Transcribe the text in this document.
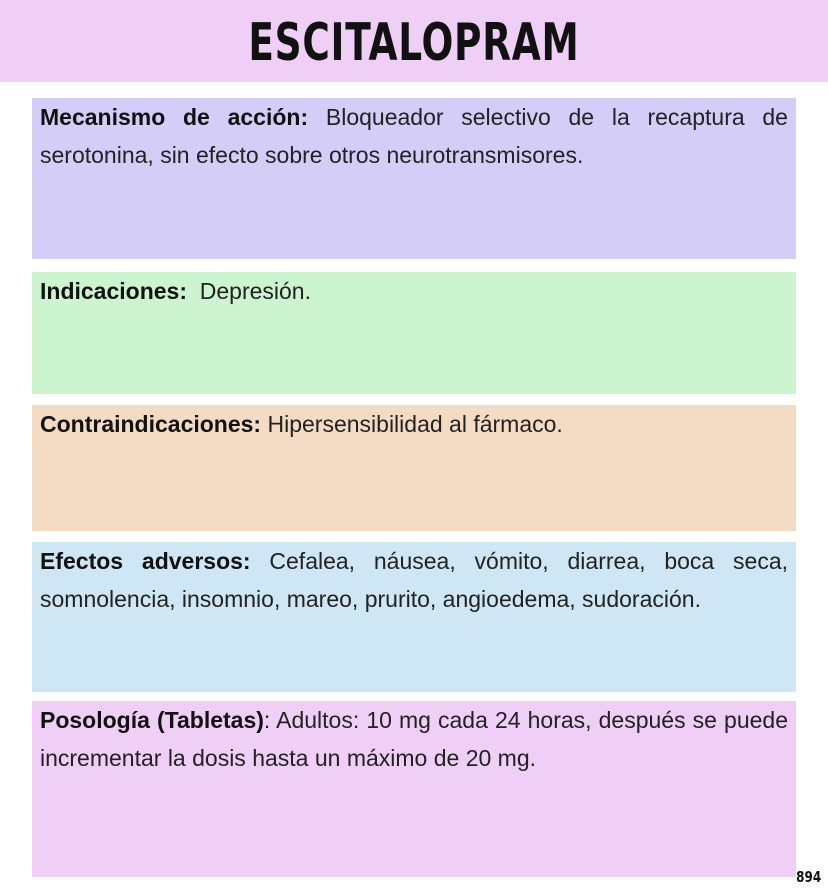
ESCITALOPRAM
Mecanismo de acción: Bloqueador selectivo de la recaptura de serotonina, sin efecto sobre otros neurotransmisores.
Indicaciones:  Depresión.
Contraindicaciones: Hipersensibilidad al fármaco.
Efectos adversos: Cefalea, náusea, vómito, diarrea, boca seca, somnolencia, insomnio, mareo, prurito, angioedema, sudoración.
Posología (Tabletas): Adultos: 10 mg cada 24 horas, después se puede incrementar la dosis hasta un máximo de 20 mg.
894
